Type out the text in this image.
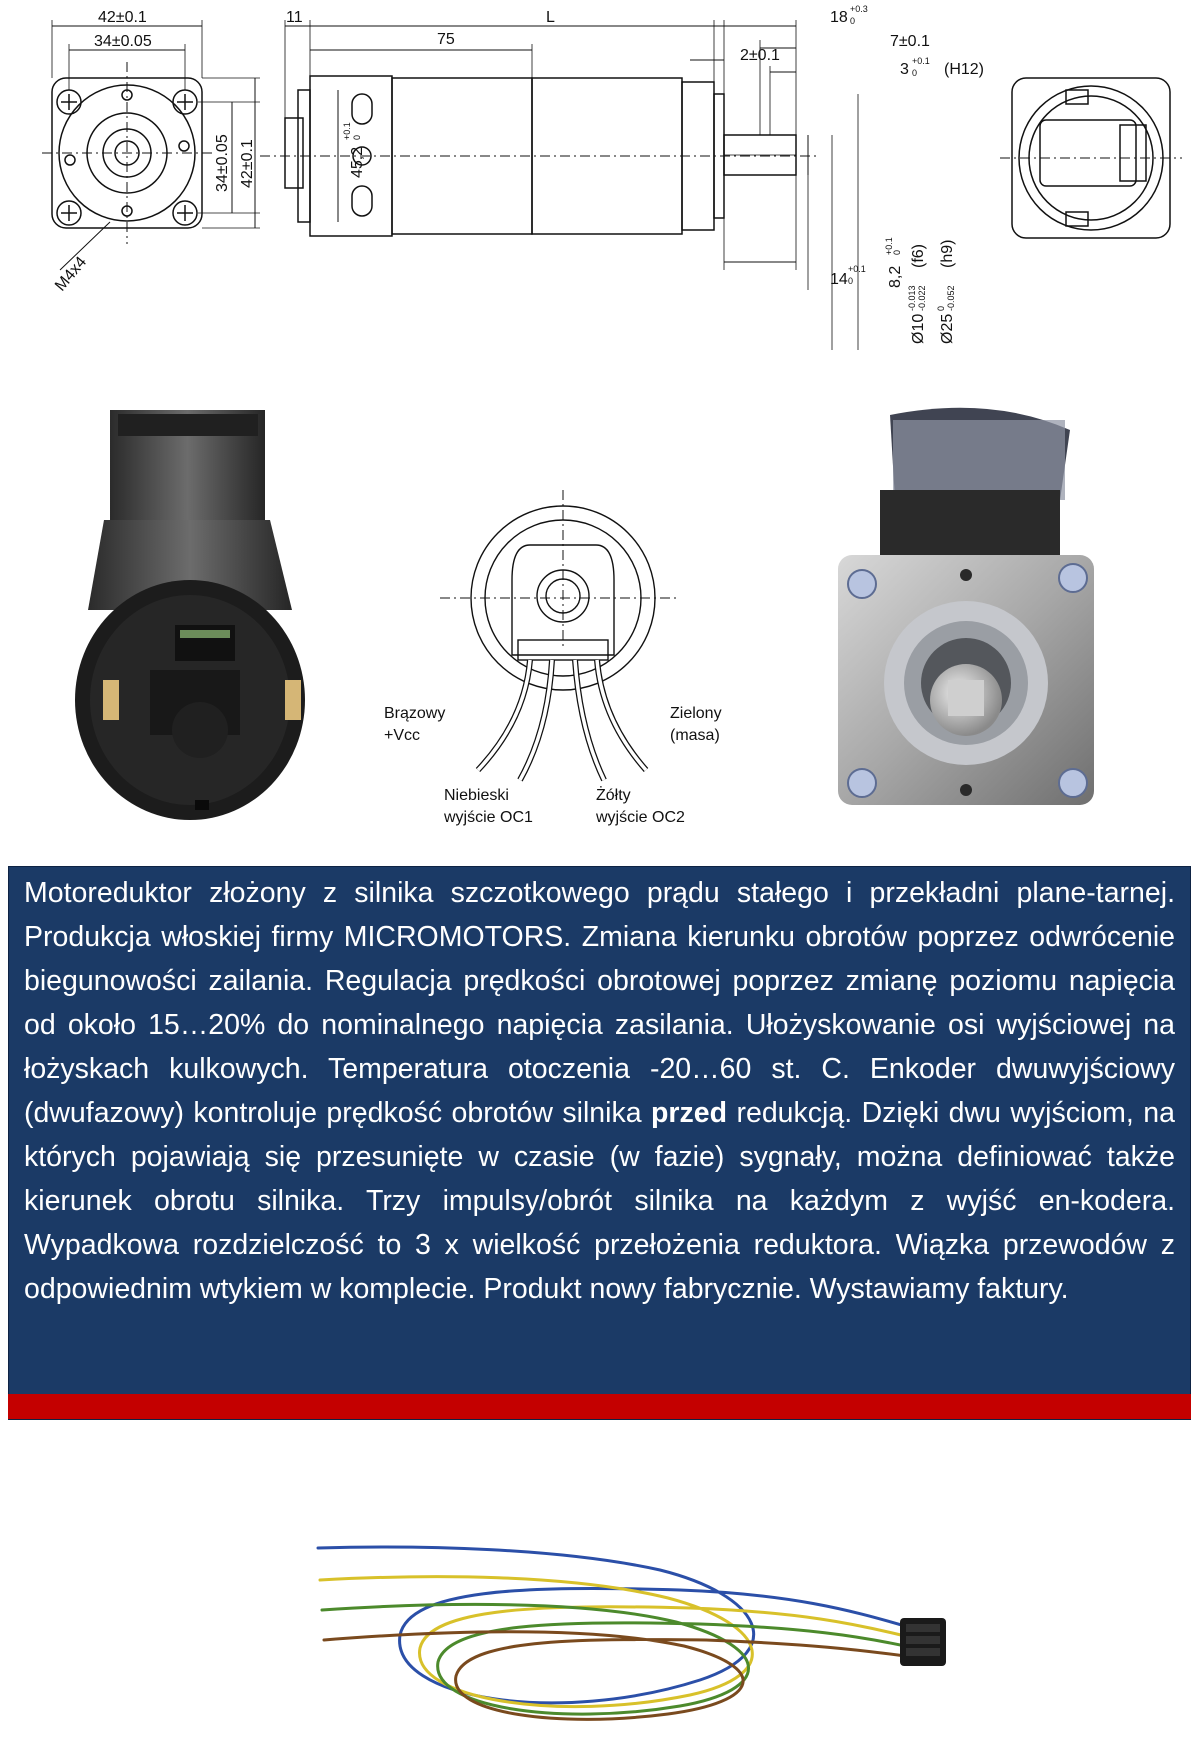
42±0.1
34±0.05
34±0.05 42±0.1
M4x4
11	L
75
2±0.1
18 +0.3
0
7±0.1
3 +0.1
0 (H12)
45,2
+0.1 0
14
+0.1
0 8,2
+0.1
0
Ø10
-0.013 -0.022
(f6)
Ø25
0 -0.052
(h9)
Brązowy
+Vcc
Zielony
(masa)
Niebieski
wyjście OC1
Żółty
wyjście OC2

Motoreduktor złożony z silnika szczotkowego prądu stałego i przekładni plane-tarnej. Produkcja włoskiej firmy MICROMOTORS. Zmiana kierunku obrotów poprzez odwrócenie biegunowości zailania. Regulacja prędkości obrotowej poprzez zmianę poziomu napięcia od około 15…20% do nominalnego napięcia zasilania. Ułożyskowanie osi wyjściowej na łożyskach kulkowych. Temperatura otoczenia -20…60 st. C. Enkoder dwuwyjściowy (dwufazowy) kontroluje prędkość obrotów silnika przed redukcją. Dzięki dwu wyjściom, na których pojawiają się przesunięte w czasie (w fazie) sygnały, można definiować także kierunek obrotu silnika. Trzy impulsy/obrót silnika na każdym z wyjść en-kodera. Wypadkowa rozdzielczość to 3 x wielkość przełożenia reduktora. Wiązka przewodów z odpowiednim wtykiem w komplecie. Produkt nowy fabrycznie. Wystawiamy faktury.
